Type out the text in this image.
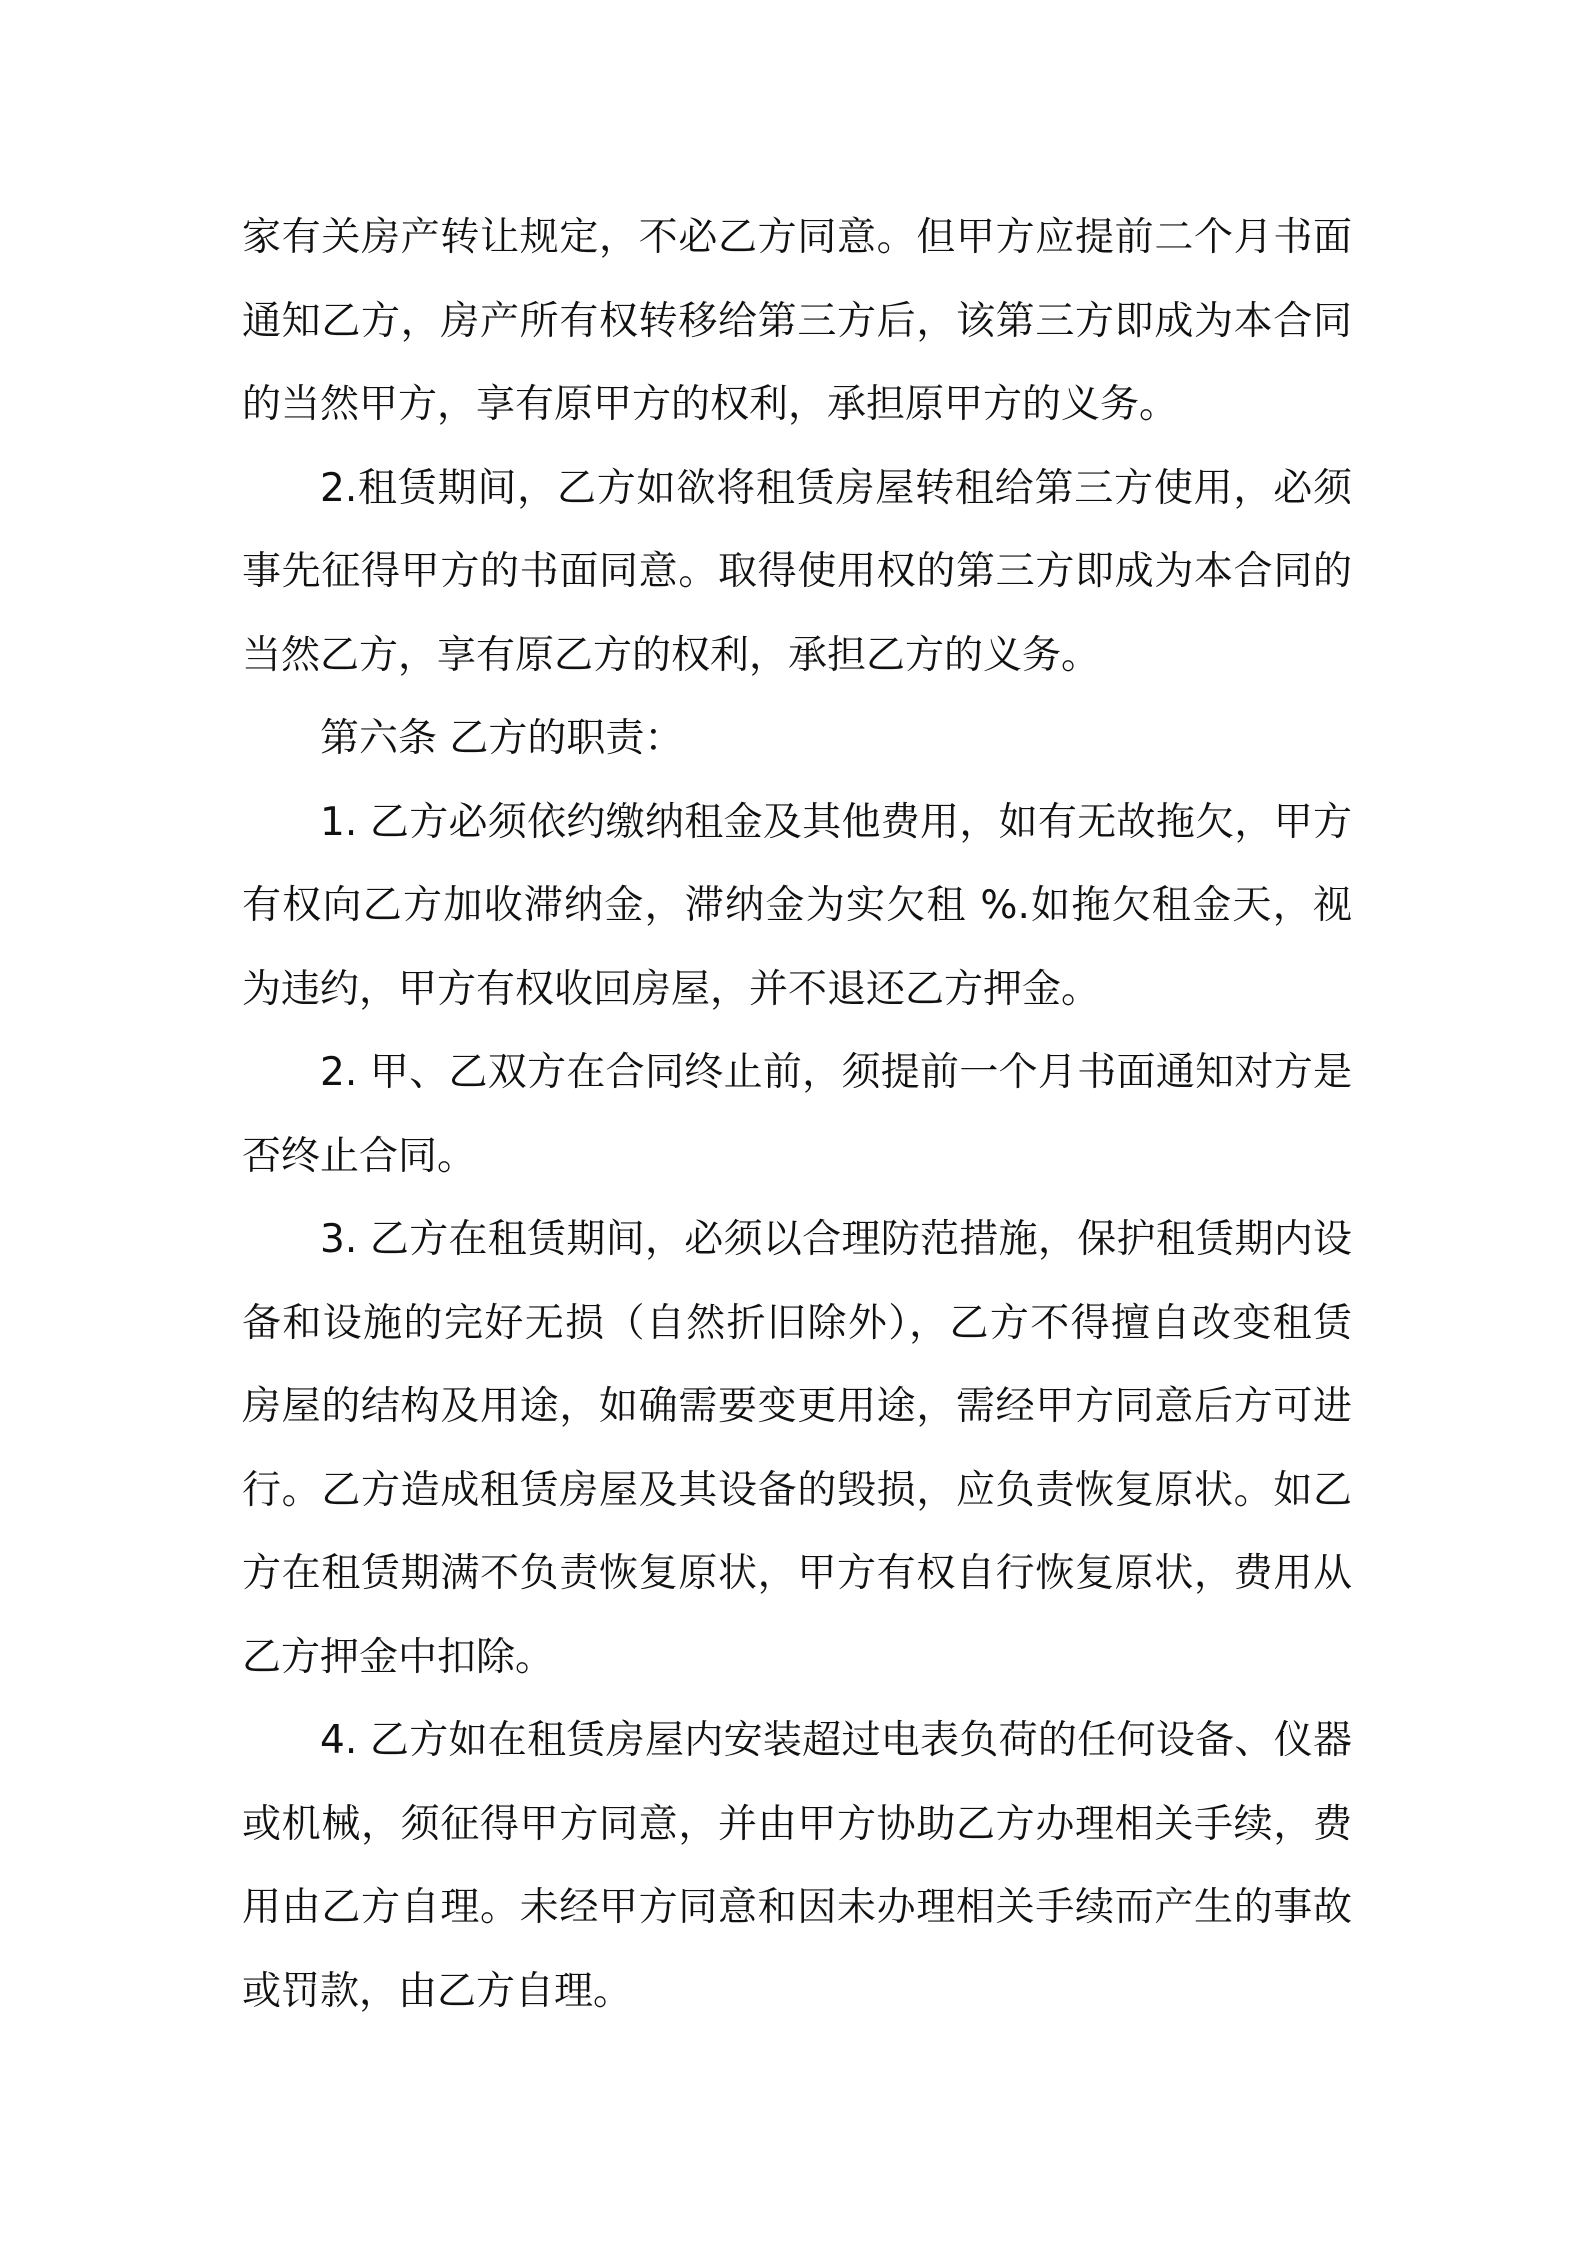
家有关房产转让规定，不必乙方同意。但甲方应提前二个月书面通知乙方，房产所有权转移给第三方后，该第三方即成为本合同的当然甲方，享有原甲方的权利，承担原甲方的义务。

2.租赁期间，乙方如欲将租赁房屋转租给第三方使用，必须事先征得甲方的书面同意。取得使用权的第三方即成为本合同的当然乙方，享有原乙方的权利，承担乙方的义务。

第六条 乙方的职责：

1. 乙方必须依约缴纳租金及其他费用，如有无故拖欠，甲方有权向乙方加收滞纳金，滞纳金为实欠租 %.如拖欠租金天，视为违约，甲方有权收回房屋，并不退还乙方押金。

2. 甲、乙双方在合同终止前，须提前一个月书面通知对方是否终止合同。

3. 乙方在租赁期间，必须以合理防范措施，保护租赁期内设备和设施的完好无损（自然折旧除外），乙方不得擅自改变租赁房屋的结构及用途，如确需要变更用途，需经甲方同意后方可进行。乙方造成租赁房屋及其设备的毁损，应负责恢复原状。如乙方在租赁期满不负责恢复原状，甲方有权自行恢复原状，费用从乙方押金中扣除。

4. 乙方如在租赁房屋内安装超过电表负荷的任何设备、仪器或机械，须征得甲方同意，并由甲方协助乙方办理相关手续，费用由乙方自理。未经甲方同意和因未办理相关手续而产生的事故或罚款，由乙方自理。
